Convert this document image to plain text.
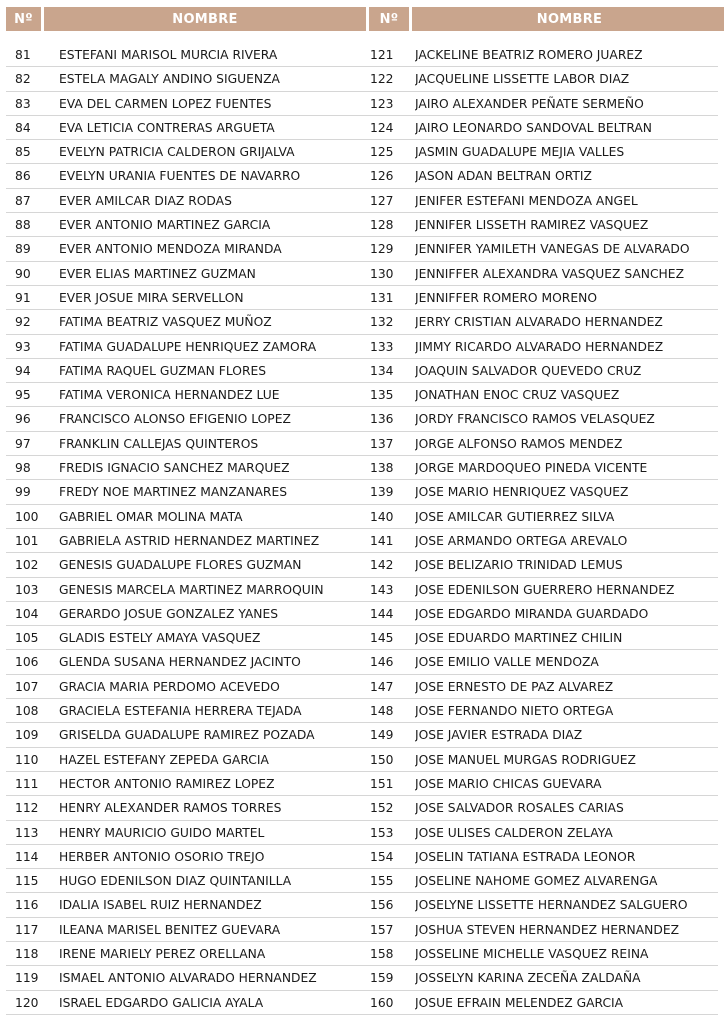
Nº	NOMBRE	Nº	NOMBRE
81	ESTEFANI MARISOL MURCIA RIVERA	121	JACKELINE BEATRIZ ROMERO JUAREZ
82	ESTELA MAGALY ANDINO SIGUENZA	122	JACQUELINE LISSETTE LABOR DIAZ
83	EVA DEL CARMEN LOPEZ FUENTES	123	JAIRO ALEXANDER PEÑATE SERMEÑO
84	EVA LETICIA CONTRERAS ARGUETA	124	JAIRO LEONARDO SANDOVAL BELTRAN
85	EVELYN PATRICIA CALDERON GRIJALVA	125	JASMIN GUADALUPE MEJIA VALLES
86	EVELYN URANIA FUENTES DE NAVARRO	126	JASON ADAN BELTRAN ORTIZ
87	EVER AMILCAR DIAZ RODAS	127	JENIFER ESTEFANI MENDOZA ANGEL
88	EVER ANTONIO MARTINEZ GARCIA	128	JENNIFER LISSETH RAMIREZ VASQUEZ
89	EVER ANTONIO MENDOZA MIRANDA	129	JENNIFER YAMILETH VANEGAS DE ALVARADO
90	EVER ELIAS MARTINEZ GUZMAN	130	JENNIFFER ALEXANDRA VASQUEZ SANCHEZ
91	EVER JOSUE MIRA SERVELLON	131	JENNIFFER ROMERO MORENO
92	FATIMA BEATRIZ VASQUEZ MUÑOZ	132	JERRY CRISTIAN ALVARADO HERNANDEZ
93	FATIMA GUADALUPE HENRIQUEZ ZAMORA	133	JIMMY RICARDO ALVARADO HERNANDEZ
94	FATIMA RAQUEL GUZMAN FLORES	134	JOAQUIN SALVADOR QUEVEDO CRUZ
95	FATIMA VERONICA HERNANDEZ LUE	135	JONATHAN ENOC CRUZ VASQUEZ
96	FRANCISCO ALONSO EFIGENIO LOPEZ	136	JORDY FRANCISCO RAMOS VELASQUEZ
97	FRANKLIN CALLEJAS QUINTEROS	137	JORGE ALFONSO RAMOS MENDEZ
98	FREDIS IGNACIO SANCHEZ MARQUEZ	138	JORGE MARDOQUEO PINEDA VICENTE
99	FREDY NOE MARTINEZ MANZANARES	139	JOSE MARIO HENRIQUEZ VASQUEZ
100	GABRIEL OMAR MOLINA MATA	140	JOSE AMILCAR GUTIERREZ SILVA
101	GABRIELA ASTRID HERNANDEZ MARTINEZ	141	JOSE ARMANDO ORTEGA AREVALO
102	GENESIS GUADALUPE FLORES GUZMAN	142	JOSE BELIZARIO TRINIDAD LEMUS
103	GENESIS MARCELA MARTINEZ MARROQUIN	143	JOSE EDENILSON GUERRERO HERNANDEZ
104	GERARDO JOSUE GONZALEZ YANES	144	JOSE EDGARDO MIRANDA GUARDADO
105	GLADIS ESTELY AMAYA VASQUEZ	145	JOSE EDUARDO MARTINEZ CHILIN
106	GLENDA SUSANA HERNANDEZ JACINTO	146	JOSE EMILIO VALLE MENDOZA
107	GRACIA MARIA PERDOMO ACEVEDO	147	JOSE ERNESTO DE PAZ ALVAREZ
108	GRACIELA ESTEFANIA HERRERA TEJADA	148	JOSE FERNANDO NIETO ORTEGA
109	GRISELDA GUADALUPE RAMIREZ POZADA	149	JOSE JAVIER ESTRADA DIAZ
110	HAZEL ESTEFANY ZEPEDA GARCIA	150	JOSE MANUEL MURGAS RODRIGUEZ
111	HECTOR ANTONIO RAMIREZ LOPEZ	151	JOSE MARIO CHICAS GUEVARA
112	HENRY ALEXANDER RAMOS TORRES	152	JOSE SALVADOR ROSALES CARIAS
113	HENRY MAURICIO GUIDO MARTEL	153	JOSE ULISES CALDERON ZELAYA
114	HERBER ANTONIO OSORIO TREJO	154	JOSELIN TATIANA ESTRADA LEONOR
115	HUGO EDENILSON DIAZ QUINTANILLA	155	JOSELINE NAHOME GOMEZ ALVARENGA
116	IDALIA ISABEL RUIZ HERNANDEZ	156	JOSELYNE LISSETTE HERNANDEZ SALGUERO
117	ILEANA MARISEL BENITEZ GUEVARA	157	JOSHUA STEVEN HERNANDEZ HERNANDEZ
118	IRENE MARIELY PEREZ ORELLANA	158	JOSSELINE MICHELLE VASQUEZ REINA
119	ISMAEL ANTONIO ALVARADO HERNANDEZ	159	JOSSELYN KARINA ZECEÑA ZALDAÑA
120	ISRAEL EDGARDO GALICIA AYALA	160	JOSUE EFRAIN MELENDEZ GARCIA
